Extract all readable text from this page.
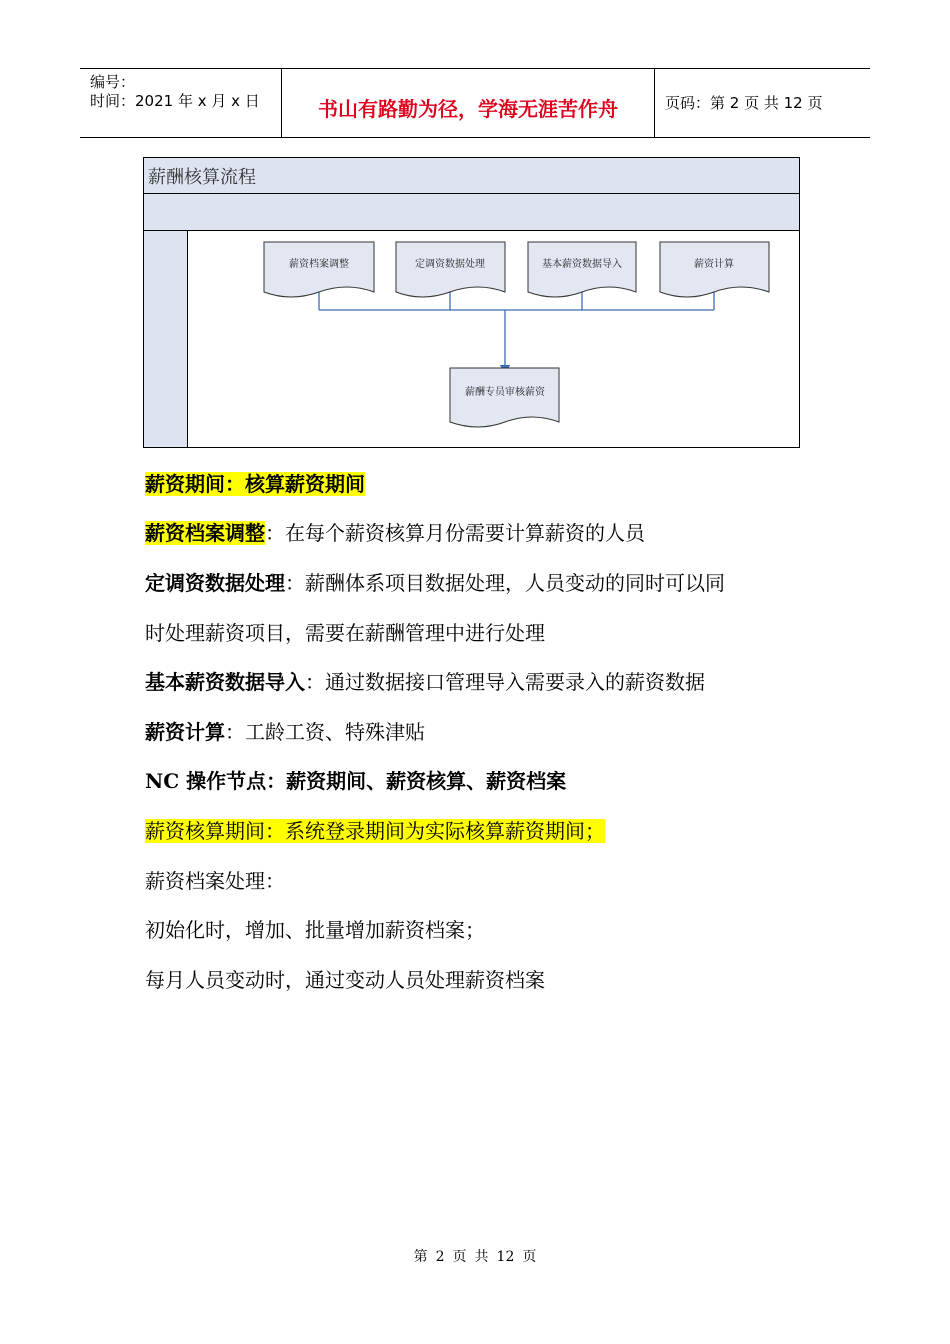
编号：
时间：2021 年 x 月 x 日	书山有路勤为径，学海无涯苦作舟	页码：第 2 页 共 12 页
薪酬核算流程
薪资档案调整	定调资数据处理	基本薪资数据导入	薪资计算
薪酬专员审核薪资
薪资期间：核算薪资期间
薪资档案调整：在每个薪资核算月份需要计算薪资的人员
定调资数据处理：薪酬体系项目数据处理，人员变动的同时可以同
时处理薪资项目，需要在薪酬管理中进行处理
基本薪资数据导入：通过数据接口管理导入需要录入的薪资数据
薪资计算：工龄工资、特殊津贴
NC 操作节点：薪资期间、薪资核算、薪资档案
薪资核算期间：系统登录期间为实际核算薪资期间；
薪资档案处理：
初始化时，增加、批量增加薪资档案；
每月人员变动时，通过变动人员处理薪资档案
第 2 页 共 12 页
